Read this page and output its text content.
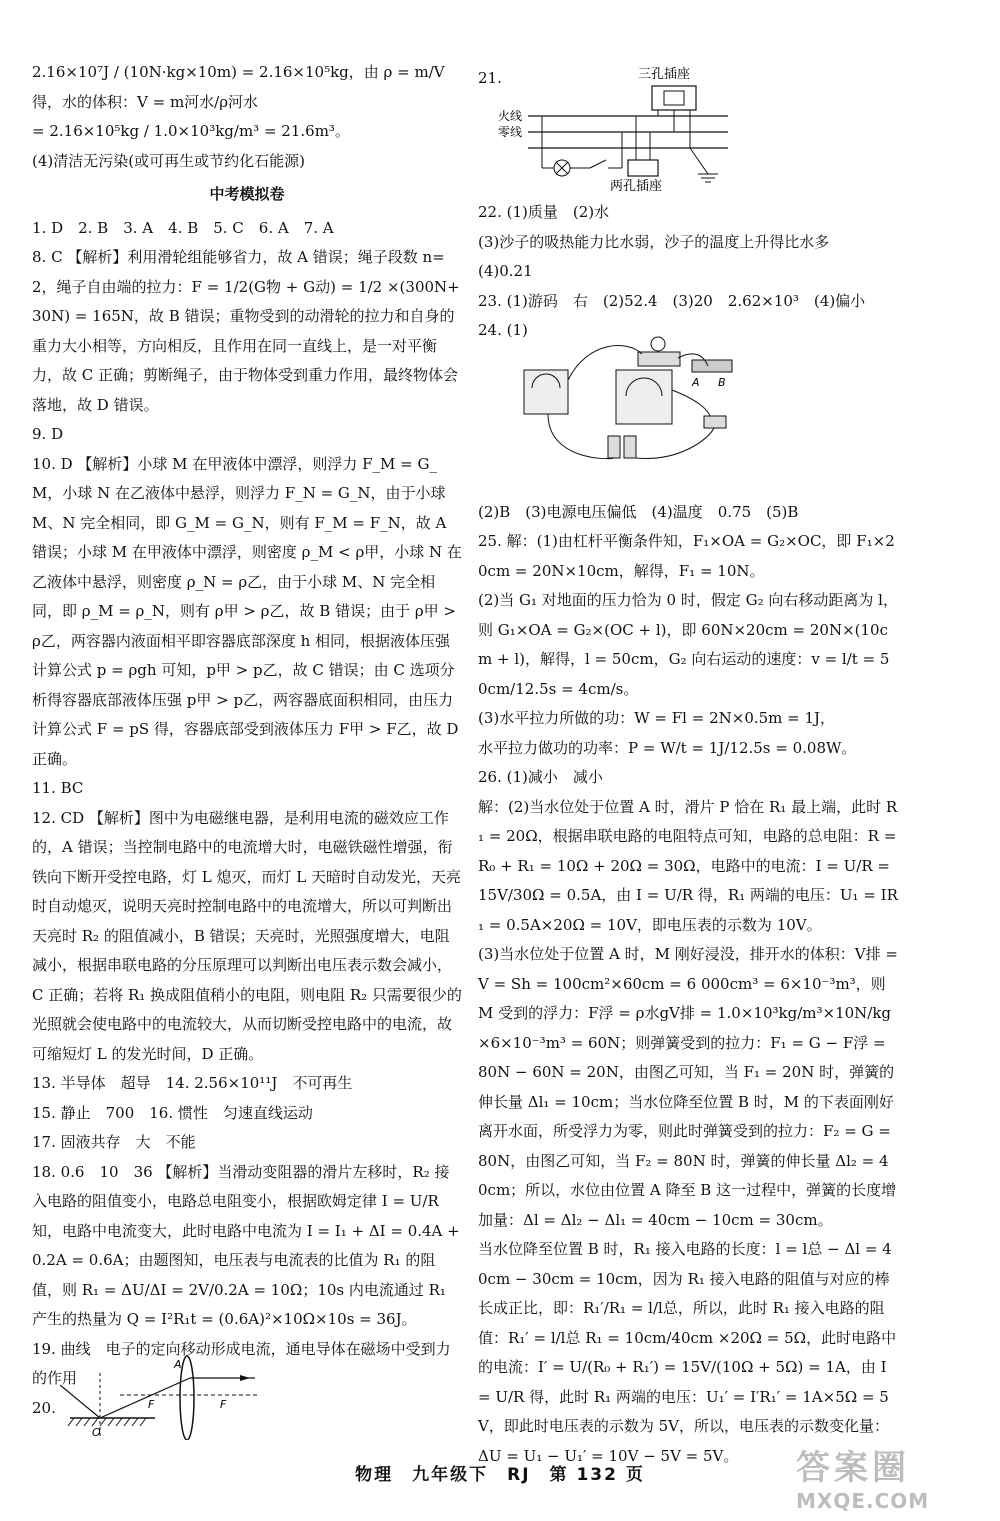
2.16×10⁷J / (10N·kg×10m) = 2.16×10⁵kg，由 ρ = m/V 得，水的体积：V = m河水/ρ河水
= 2.16×10⁵kg / 1.0×10³kg/m³ = 21.6m³。
(4)清洁无污染(或可再生或节约化石能源)
中考模拟卷
1. D　2. B　3. A　4. B　5. C　6. A　7. A
8. C 【解析】利用滑轮组能够省力，故 A 错误；绳子段数 n=2，绳子自由端的拉力：F = 1/2(G物 + G动) = 1/2 ×(300N+30N) = 165N，故 B 错误；重物受到的动滑轮的拉力和自身的重力大小相等，方向相反，且作用在同一直线上，是一对平衡力，故 C 正确；剪断绳子，由于物体受到重力作用，最终物体会落地，故 D 错误。
9. D
10. D 【解析】小球 M 在甲液体中漂浮，则浮力 F_M = G_M，小球 N 在乙液体中悬浮，则浮力 F_N = G_N，由于小球 M、N 完全相同，即 G_M = G_N，则有 F_M = F_N，故 A 错误；小球 M 在甲液体中漂浮，则密度 ρ_M < ρ甲，小球 N 在乙液体中悬浮，则密度 ρ_N = ρ乙，由于小球 M、N 完全相同，即 ρ_M = ρ_N，则有 ρ甲 > ρ乙，故 B 错误；由于 ρ甲 > ρ乙，两容器内液面相平即容器底部深度 h 相同，根据液体压强计算公式 p = ρgh 可知，p甲 > p乙，故 C 错误；由 C 选项分析得容器底部液体压强 p甲 > p乙，两容器底面积相同，由压力计算公式 F = pS 得，容器底部受到液体压力 F甲 > F乙，故 D 正确。
11. BC
12. CD 【解析】图中为电磁继电器，是利用电流的磁效应工作的，A 错误；当控制电路中的电流增大时，电磁铁磁性增强，衔铁向下断开受控电路，灯 L 熄灭，而灯 L 天暗时自动发光，天亮时自动熄灭，说明天亮时控制电路中的电流增大，所以可判断出天亮时 R₂ 的阻值减小，B 错误；天亮时，光照强度增大，电阻减小，根据串联电路的分压原理可以判断出电压表示数会减小，C 正确；若将 R₁ 换成阻值稍小的电阻，则电阻 R₂ 只需要很少的光照就会使电路中的电流较大，从而切断受控电路中的电流，故可缩短灯 L 的发光时间，D 正确。
13. 半导体　超导　14. 2.56×10¹¹J　不可再生
15. 静止　700　16. 惯性　匀速直线运动
17. 固液共存　大　不能
18. 0.6　10　36 【解析】当滑动变阻器的滑片左移时，R₂ 接入电路的阻值变小，电路总电阻变小，根据欧姆定律 I = U/R 知，电路中电流变大，此时电路中电流为 I = I₁ + ΔI = 0.4A + 0.2A = 0.6A；由题图知，电压表与电流表的比值为 R₁ 的阻值，则 R₁ = ΔU/ΔI = 2V/0.2A = 10Ω；10s 内电流通过 R₁ 产生的热量为 Q = I²R₁t = (0.6A)²×10Ω×10s = 36J。
19. 曲线　电子的定向移动形成电流，通电导体在磁场中受到力的作用
20.
A
F	F
O
21.	三孔插座
火线
零线
两孔插座
22. (1)质量　(2)水
(3)沙子的吸热能力比水弱，沙子的温度上升得比水多
(4)0.21
23. (1)游码　右　(2)52.4　(3)20　2.62×10³　(4)偏小
24. (1)
A B
(2)B　(3)电源电压偏低　(4)温度　0.75　(5)B
25. 解：(1)由杠杆平衡条件知，F₁×OA = G₂×OC，即 F₁×20cm = 20N×10cm，解得，F₁ = 10N。
(2)当 G₁ 对地面的压力恰为 0 时，假定 G₂ 向右移动距离为 l，则 G₁×OA = G₂×(OC + l)，即 60N×20cm = 20N×(10cm + l)，解得，l = 50cm，G₂ 向右运动的速度：v = l/t = 50cm/12.5s = 4cm/s。
(3)水平拉力所做的功：W = Fl = 2N×0.5m = 1J，
水平拉力做功的功率：P = W/t = 1J/12.5s = 0.08W。
26. (1)减小　减小
解：(2)当水位处于位置 A 时，滑片 P 恰在 R₁ 最上端，此时 R₁ = 20Ω，根据串联电路的电阻特点可知，电路的总电阻：R = R₀ + R₁ = 10Ω + 20Ω = 30Ω，电路中的电流：I = U/R = 15V/30Ω = 0.5A，由 I = U/R 得，R₁ 两端的电压：U₁ = IR₁ = 0.5A×20Ω = 10V，即电压表的示数为 10V。
(3)当水位处于位置 A 时，M 刚好浸没，排开水的体积：V排 = V = Sh = 100cm²×60cm = 6 000cm³ = 6×10⁻³m³，则 M 受到的浮力：F浮 = ρ水gV排 = 1.0×10³kg/m³×10N/kg×6×10⁻³m³ = 60N；则弹簧受到的拉力：F₁ = G − F浮 = 80N − 60N = 20N，由图乙可知，当 F₁ = 20N 时，弹簧的伸长量 Δl₁ = 10cm；当水位降至位置 B 时，M 的下表面刚好离开水面，所受浮力为零，则此时弹簧受到的拉力：F₂ = G = 80N，由图乙可知，当 F₂ = 80N 时，弹簧的伸长量 Δl₂ = 40cm；所以，水位由位置 A 降至 B 这一过程中，弹簧的长度增加量：Δl = Δl₂ − Δl₁ = 40cm − 10cm = 30cm。
当水位降至位置 B 时，R₁ 接入电路的长度：l = l总 − Δl = 40cm − 30cm = 10cm，因为 R₁ 接入电路的阻值与对应的棒长成正比，即：R₁′/R₁ = l/l总，所以，此时 R₁ 接入电路的阻值：R₁′ = l/l总 R₁ = 10cm/40cm ×20Ω = 5Ω，此时电路中的电流：I′ = U/(R₀ + R₁′) = 15V/(10Ω + 5Ω) = 1A，由 I = U/R 得，此时 R₁ 两端的电压：U₁′ = I′R₁′ = 1A×5Ω = 5V，即此时电压表的示数为 5V，所以，电压表的示数变化量：ΔU = U₁ − U₁′ = 10V − 5V = 5V。
物理　九年级下　RJ　第 132 页	答案圈
MXQE.COM
